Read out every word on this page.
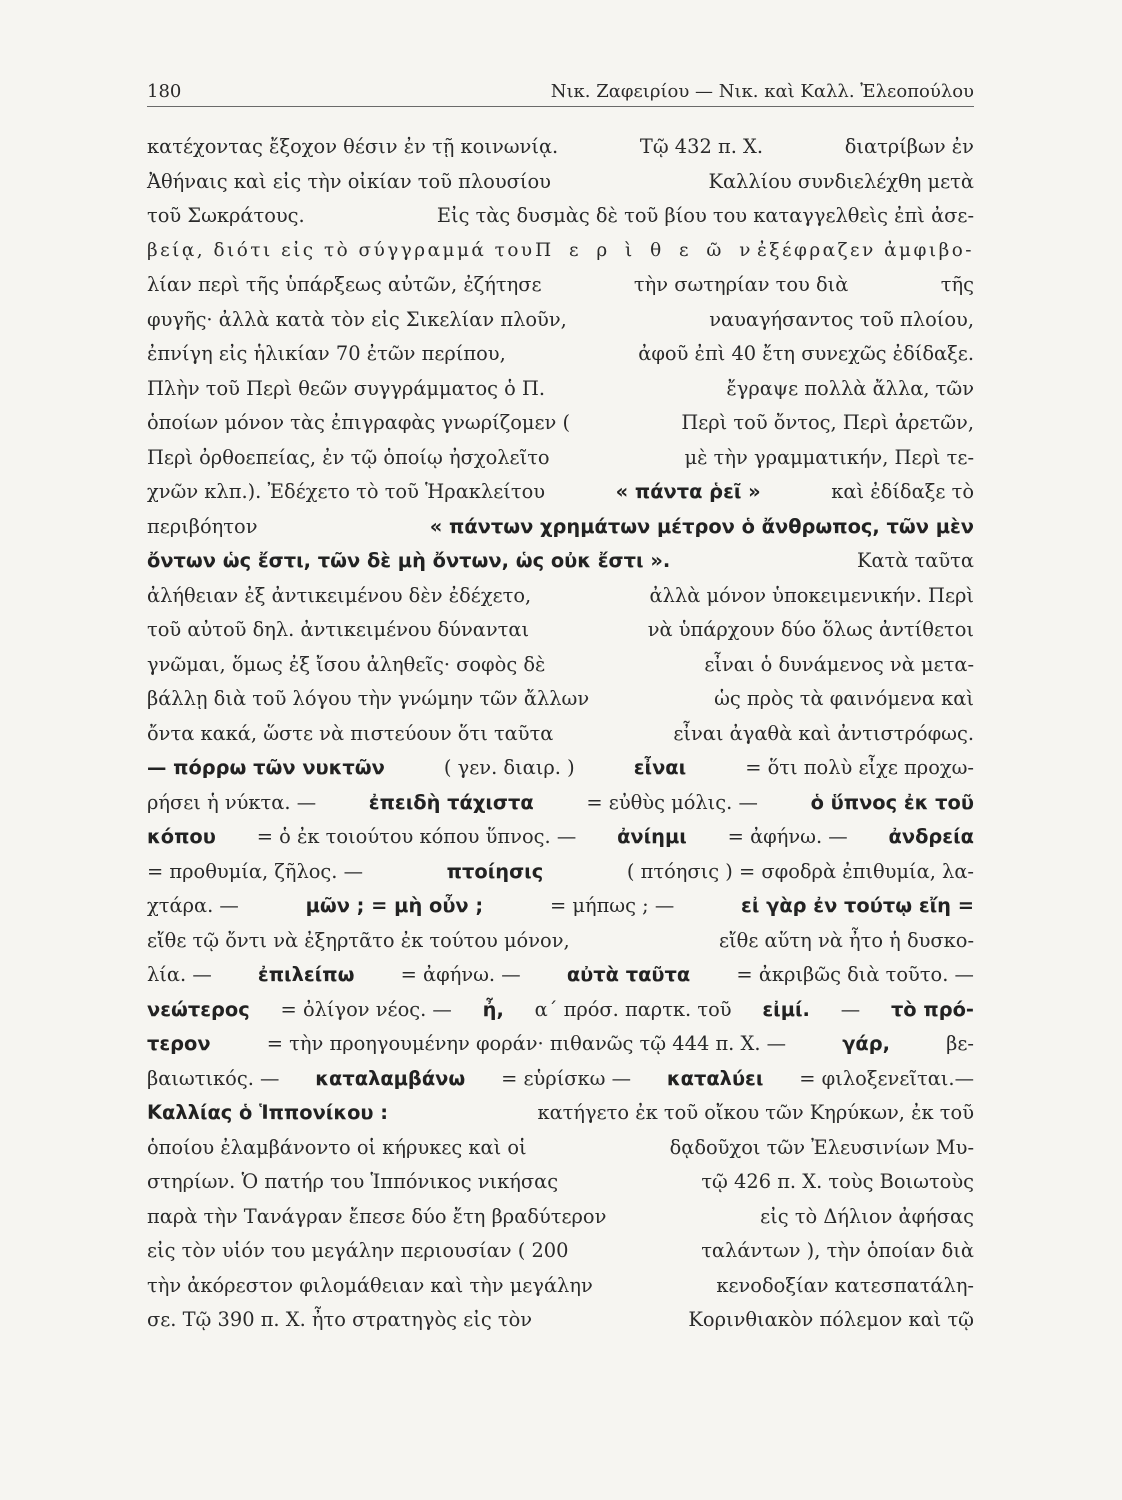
180	Νικ. Ζαφειρίου — Νικ. καὶ Καλλ. Ἐλεοπούλου
κατέχοντας ἔξοχον θέσιν ἐν τῇ κοινωνίᾳ.	Τῷ 432 π. Χ.	διατρίβων ἐν
Ἀθήναις καὶ εἰς τὴν οἰκίαν τοῦ πλουσίου	Καλλίου συνδιελέχθη μετὰ
τοῦ Σωκράτους.	Εἰς τὰς δυσμὰς δὲ τοῦ βίου του καταγγελθεὶς ἐπὶ ἀσε-
βείᾳ, διότι εἰς τὸ σύγγραμμά του Π ε ρ ὶ θ ε ῶ ν ἐξέφραζεν ἀμφιβο-
λίαν περὶ τῆς ὑπάρξεως αὐτῶν, ἐζήτησε	τὴν σωτηρίαν του διὰ	τῆς
φυγῆς· ἀλλὰ κατὰ τὸν εἰς Σικελίαν πλοῦν,	ναυαγήσαντος τοῦ πλοίου,
ἐπνίγη εἰς ἡλικίαν 70 ἐτῶν περίπου,	ἀφοῦ ἐπὶ 40 ἔτη συνεχῶς ἐδίδαξε.
Πλὴν τοῦ Περὶ θεῶν συγγράμματος ὁ Π.	ἔγραψε πολλὰ ἄλλα, τῶν
ὁποίων μόνον τὰς ἐπιγραφὰς γνωρίζομεν (	Περὶ τοῦ ὄντος, Περὶ ἀρετῶν,
Περὶ ὀρθοεπείας, ἐν τῷ ὁποίῳ ἠσχολεῖτο	μὲ τὴν γραμματικήν, Περὶ τε-
χνῶν κλπ.). Ἐδέχετο τὸ τοῦ Ἡρακλείτου	« πάντα ῥεῖ »	καὶ ἐδίδαξε τὸ
περιβόητον	« πάντων χρημάτων μέτρον ὁ ἄνθρωπος, τῶν μὲν
ὄντων ὡς ἔστι, τῶν δὲ μὴ ὄντων, ὡς οὐκ ἔστι ».	Κατὰ ταῦτα
ἀλήθειαν ἐξ ἀντικειμένου δὲν ἐδέχετο,	ἀλλὰ μόνον ὑποκειμενικήν. Περὶ
τοῦ αὐτοῦ δηλ. ἀντικειμένου δύνανται	νὰ ὑπάρχουν δύο ὅλως ἀντίθετοι
γνῶμαι, ὅμως ἐξ ἴσου ἀληθεῖς· σοφὸς δὲ	εἶναι ὁ δυνάμενος νὰ μετα-
βάλλῃ διὰ τοῦ λόγου τὴν γνώμην τῶν ἄλλων	ὡς πρὸς τὰ φαινόμενα καὶ
ὄντα κακά, ὥστε νὰ πιστεύουν ὅτι ταῦτα	εἶναι ἀγαθὰ καὶ ἀντιστρόφως.
— πόρρω τῶν νυκτῶν	( γεν. διαιρ. )	εἶναι	= ὅτι πολὺ εἶχε προχω-
ρήσει ἡ νύκτα. —	ἐπειδὴ τάχιστα	= εὐθὺς μόλις. —	ὁ ὕπνος ἐκ τοῦ
κόπου = ὁ ἐκ τοιούτου κόπου ὕπνος. — ἀνίημι = ἀφήνω. — ἀνδρεία
= προθυμία, ζῆλος. —	πτοίησις	( πτόησις ) = σφοδρὰ ἐπιθυμία, λα-
χτάρα. —	μῶν ; = μὴ οὖν ;	= μήπως ; —	εἰ γὰρ ἐν τούτῳ εἴη =
εἴθε τῷ ὄντι νὰ ἐξηρτᾶτο ἐκ τούτου μόνον,	εἴθε αὕτη νὰ ἦτο ἡ δυσκο-
λία. — ἐπιλείπω = ἀφήνω. — αὐτὰ ταῦτα = ἀκριβῶς διὰ τοῦτο. —
νεώτερος = ὀλίγον νέος. — ἦ, α΄ πρόσ. παρτκ. τοῦ εἰμί. — τὸ πρό-
τερον	= τὴν προηγουμένην φοράν· πιθανῶς τῷ 444 π. Χ. —	γάρ,	βε-
βαιωτικός. — καταλαμβάνω = εὑρίσκω — καταλύει = φιλοξενεῖται.—
Καλλίας ὁ Ἱππονίκου :	κατήγετο ἐκ τοῦ οἴκου τῶν Κηρύκων, ἐκ τοῦ
ὁποίου ἐλαμβάνοντο οἱ κήρυκες καὶ οἱ	δᾳδοῦχοι τῶν Ἐλευσινίων Μυ-
στηρίων. Ὁ πατήρ του Ἱππόνικος νικήσας	τῷ 426 π. Χ. τοὺς Βοιωτοὺς
παρὰ τὴν Τανάγραν ἔπεσε δύο ἔτη βραδύτερον	εἰς τὸ Δήλιον ἀφήσας
εἰς τὸν υἱόν του μεγάλην περιουσίαν ( 200	ταλάντων ), τὴν ὁποίαν διὰ
τὴν ἀκόρεστον φιλομάθειαν καὶ τὴν μεγάλην	κενοδοξίαν κατεσπατάλη-
σε. Τῷ 390 π. Χ. ἦτο στρατηγὸς εἰς τὸν	Κορινθιακὸν πόλεμον καὶ τῷ
